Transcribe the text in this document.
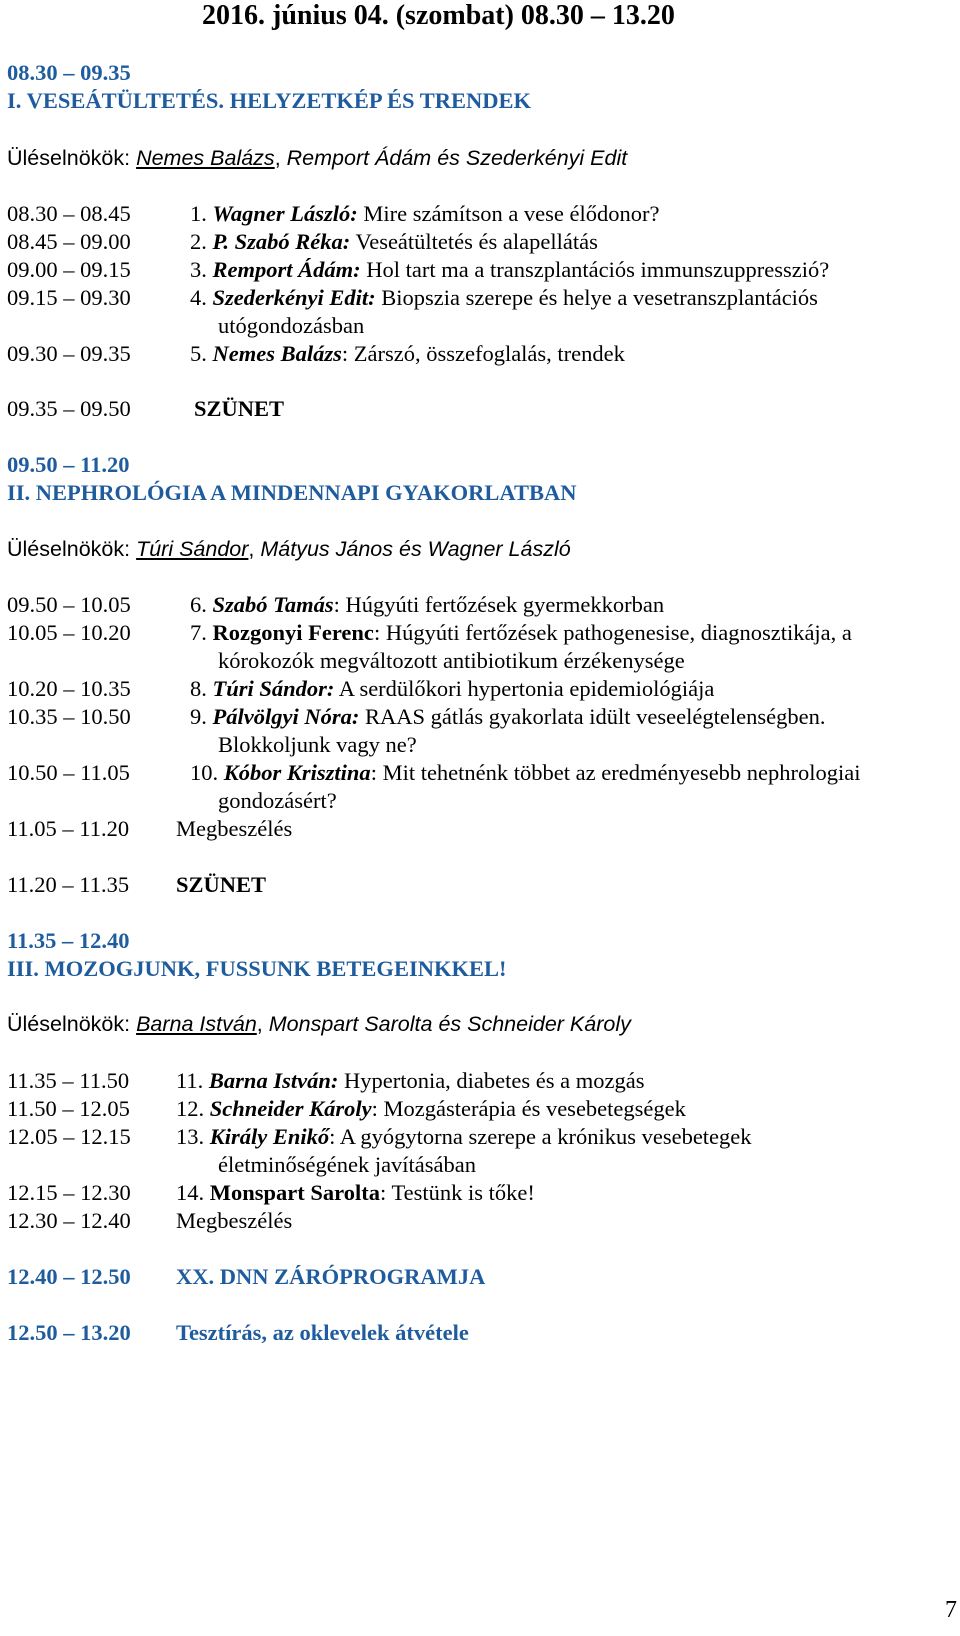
2016. június 04. (szombat) 08.30 – 13.20
08.30 – 09.35
I. VESEÁTÜLTETÉS. HELYZETKÉP ÉS TRENDEK
Üléselnökök: Nemes Balázs, Remport Ádám és Szederkényi Edit
08.30 – 08.45	1. Wagner László: Mire számítson a vese élődonor?
08.45 – 09.00	2. P. Szabó Réka: Veseátültetés és alapellátás
09.00 – 09.15	3. Remport Ádám: Hol tart ma a transzplantációs immunszuppresszió?
09.15 – 09.30	4. Szederkényi Edit: Biopszia szerepe és helye a vesetranszplantációs
utógondozásban
09.30 – 09.35	5. Nemes Balázs: Zárszó, összefoglalás, trendek
09.35 – 09.50	SZÜNET
09.50 – 11.20
II. NEPHROLÓGIA A MINDENNAPI GYAKORLATBAN
Üléselnökök: Túri Sándor, Mátyus János és Wagner László
09.50 – 10.05	6. Szabó Tamás: Húgyúti fertőzések gyermekkorban
10.05 – 10.20	7. Rozgonyi Ferenc: Húgyúti fertőzések pathogenesise, diagnosztikája, a
kórokozók megváltozott antibiotikum érzékenysége
10.20 – 10.35	8. Túri Sándor: A serdülőkori hypertonia epidemiológiája
10.35 – 10.50	9. Pálvölgyi Nóra: RAAS gátlás gyakorlata idült veseelégtelenségben.
Blokkoljunk vagy ne?
10.50 – 11.05	10. Kóbor Krisztina: Mit tehetnénk többet az eredményesebb nephrologiai
gondozásért?
11.05 – 11.20 Megbeszélés
11.20 – 11.35 SZÜNET
11.35 – 12.40
III. MOZOGJUNK, FUSSUNK BETEGEINKKEL!
Üléselnökök: Barna István, Monspart Sarolta és Schneider Károly
11.35 – 11.50 11. Barna István: Hypertonia, diabetes és a mozgás
11.50 – 12.05 12. Schneider Károly: Mozgásterápia és vesebetegségek
12.05 – 12.15 13. Király Enikő: A gyógytorna szerepe a krónikus vesebetegek
életminőségének javításában
12.15 – 12.30 14. Monspart Sarolta: Testünk is tőke!
12.30 – 12.40 Megbeszélés
12.40 – 12.50 XX. DNN ZÁRÓPROGRAMJA
12.50 – 13.20 Tesztírás, az oklevelek átvétele
7
